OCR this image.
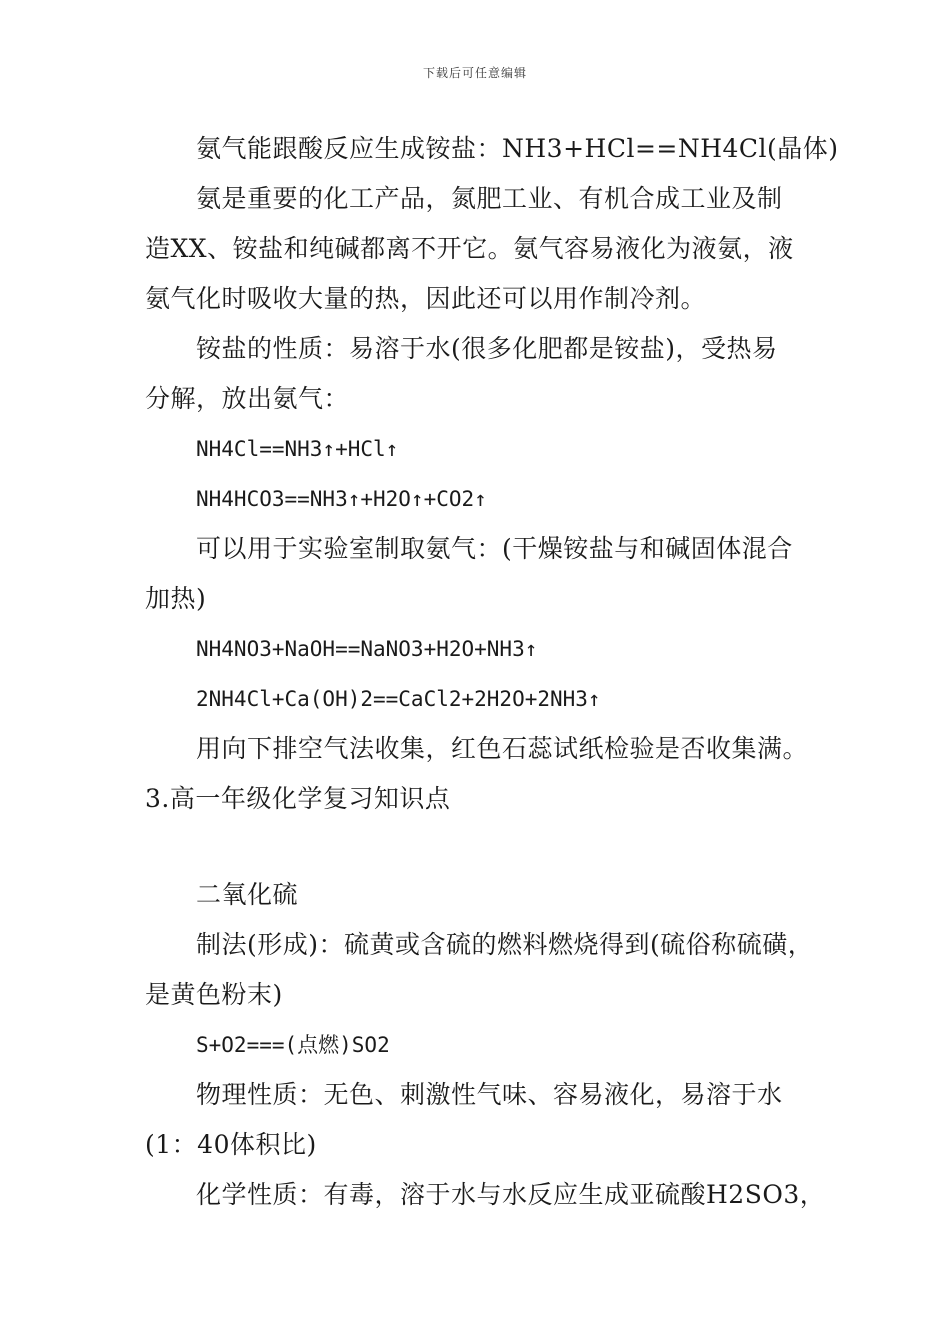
下载后可任意编辑
氨气能跟酸反应生成铵盐：NH3+HCl==NH4Cl(晶体)
氨是重要的化工产品，氮肥工业、有机合成工业及制
造XX、铵盐和纯碱都离不开它。氨气容易液化为液氨，液
氨气化时吸收大量的热，因此还可以用作制冷剂。
铵盐的性质：易溶于水(很多化肥都是铵盐)，受热易
分解，放出氨气：
NH4Cl==NH3↑+HCl↑
NH4HCO3==NH3↑+H2O↑+CO2↑
可以用于实验室制取氨气：(干燥铵盐与和碱固体混合
加热)
NH4NO3+NaOH==NaNO3+H2O+NH3↑
2NH4Cl+Ca(OH)2==CaCl2+2H2O+2NH3↑
用向下排空气法收集，红色石蕊试纸检验是否收集满。
3.高一年级化学复习知识点
二氧化硫
制法(形成)：硫黄或含硫的燃料燃烧得到(硫俗称硫磺，
是黄色粉末)
S+O2===(点燃)SO2
物理性质：无色、刺激性气味、容易液化，易溶于水
(1：40体积比)
化学性质：有毒，溶于水与水反应生成亚硫酸H2SO3，
